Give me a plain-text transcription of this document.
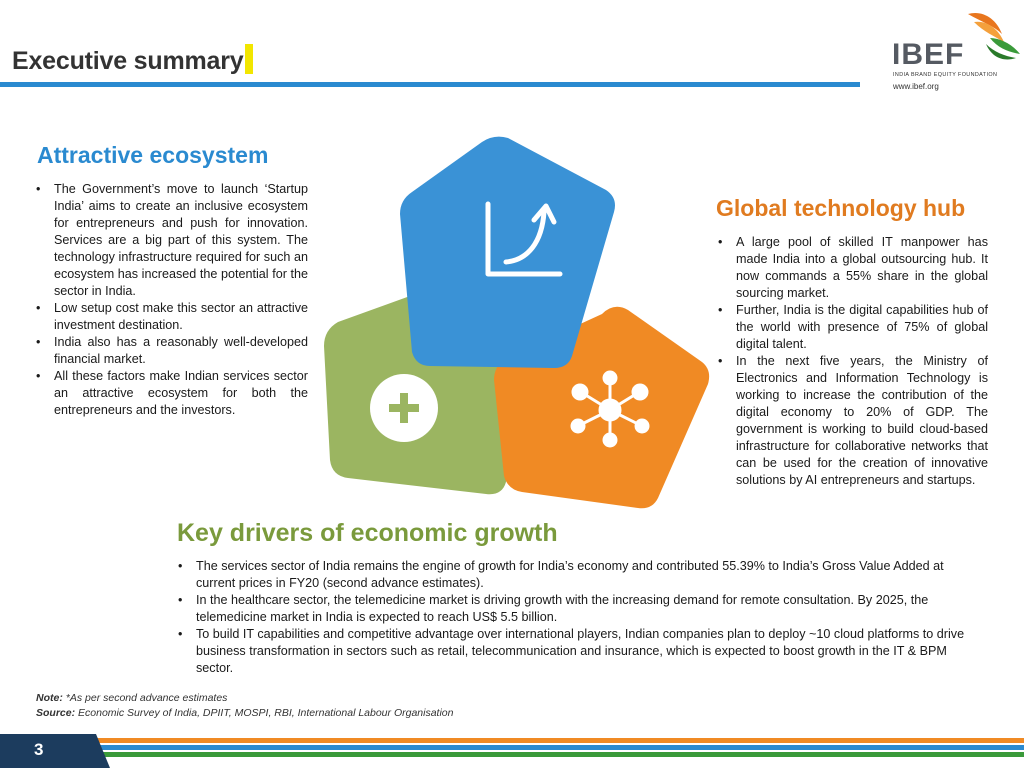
Executive summary	IBEF
INDIA BRAND EQUITY FOUNDATION
www.ibef.org
Attractive ecosystem
• The Government’s move to launch ‘Startup India’ aims to create an inclusive ecosystem for entrepreneurs and push for innovation. Services are a big part of this system. The technology infrastructure required for such an ecosystem has increased the potential for the sector in India.
• Low setup cost make this sector an attractive investment destination.
• India also has a reasonably well-developed financial market.
• All these factors make Indian services sector an attractive ecosystem for both the entrepreneurs and the investors.
Global technology hub
• A large pool of skilled IT manpower has made India into a global outsourcing hub. It now commands a 55% share in the global sourcing market.
• Further, India is the digital capabilities hub of the world with presence of 75% of global digital talent.
• In the next five years, the Ministry of Electronics and Information Technology is working to increase the contribution of the digital economy to 20% of GDP. The government is working to build cloud-based infrastructure for collaborative networks that can be used for the creation of innovative solutions by AI entrepreneurs and startups.
Key drivers of economic growth
• The services sector of India remains the engine of growth for India’s economy and contributed 55.39% to India’s Gross Value Added at current prices in FY20 (second advance estimates).
• In the healthcare sector, the telemedicine market is driving growth with the increasing demand for remote consultation. By 2025, the telemedicine market in India is expected to reach US$ 5.5 billion.
• To build IT capabilities and competitive advantage over international players, Indian companies plan to deploy ~10 cloud platforms to drive business transformation in sectors such as retail, telecommunication and insurance, which is expected to boost growth in the IT & BPM sector.
Note: *As per second advance estimates
Source: Economic Survey of India, DPIIT, MOSPI, RBI, International Labour Organisation
3
